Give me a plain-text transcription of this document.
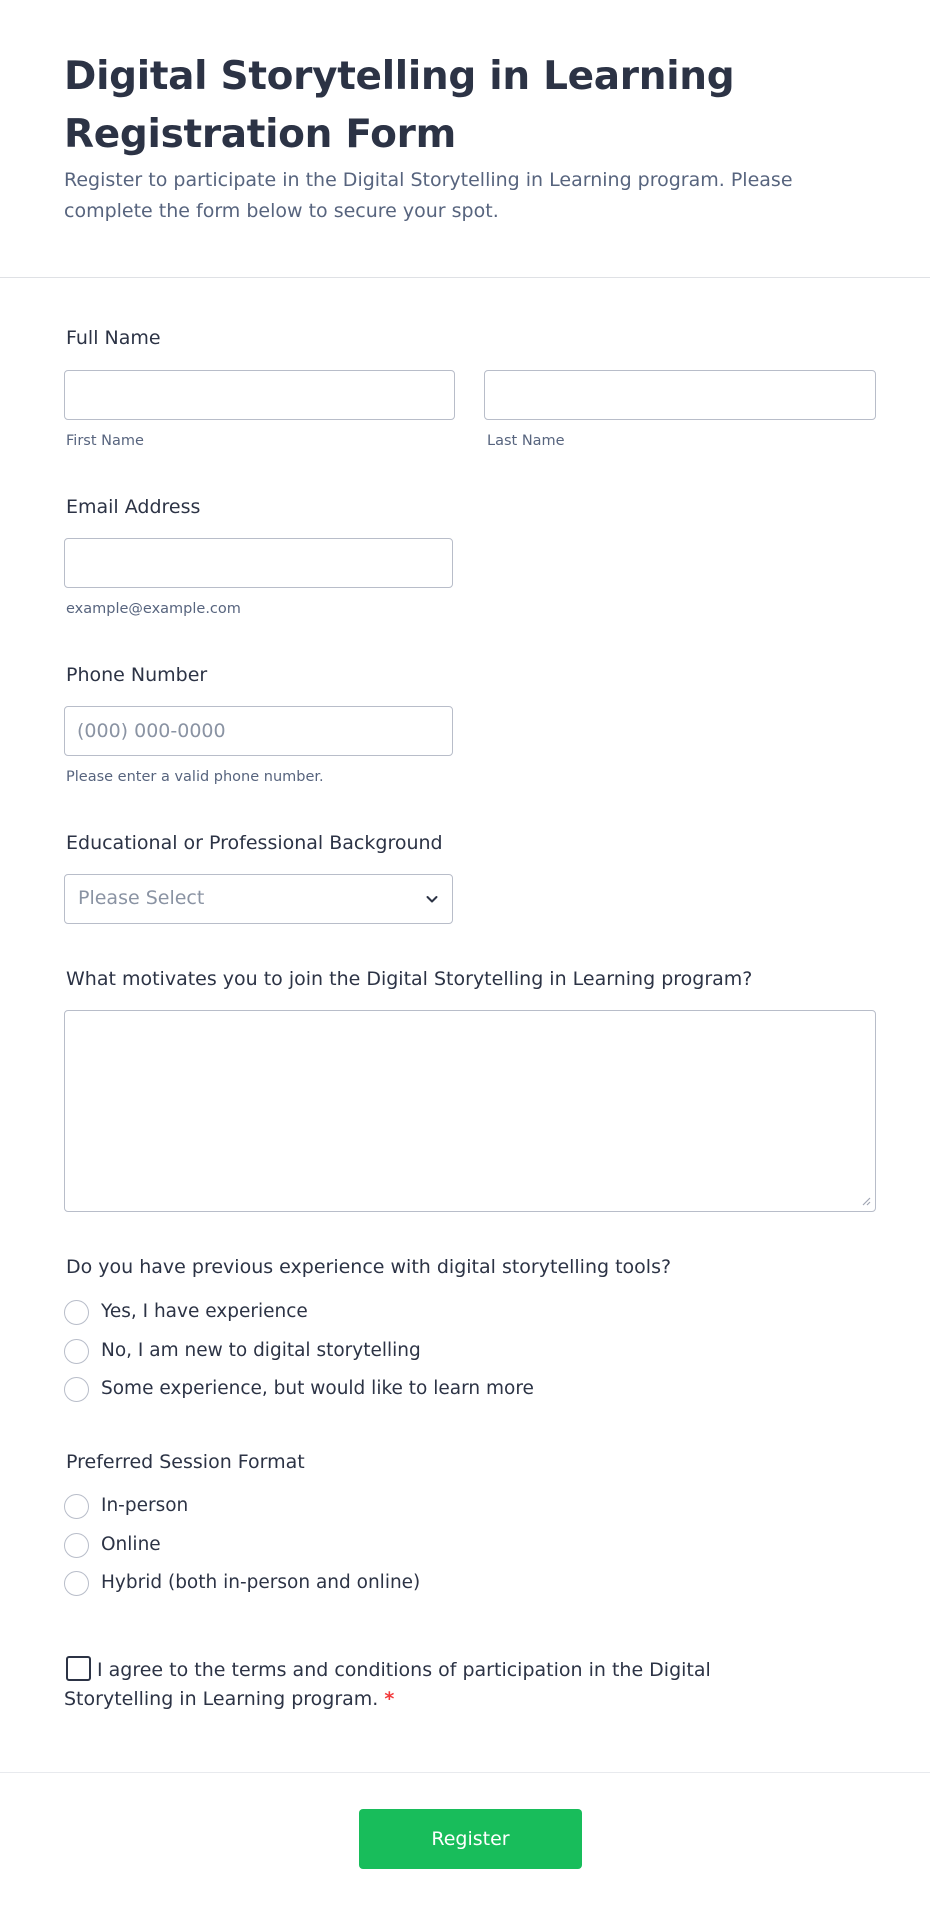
Digital Storytelling in Learning Registration Form

Register to participate in the Digital Storytelling in Learning program. Please complete the form below to secure your spot.

Full Name
First Name	Last Name
Email Address
example@example.com
Phone Number
(000) 000-0000
Please enter a valid phone number.
Educational or Professional Background
Please Select
What motivates you to join the Digital Storytelling in Learning program?
Do you have previous experience with digital storytelling tools?
Yes, I have experience
No, I am new to digital storytelling
Some experience, but would like to learn more
Preferred Session Format
In-person
Online
Hybrid (both in-person and online)
I agree to the terms and conditions of participation in the Digital Storytelling in Learning program. *
Register
